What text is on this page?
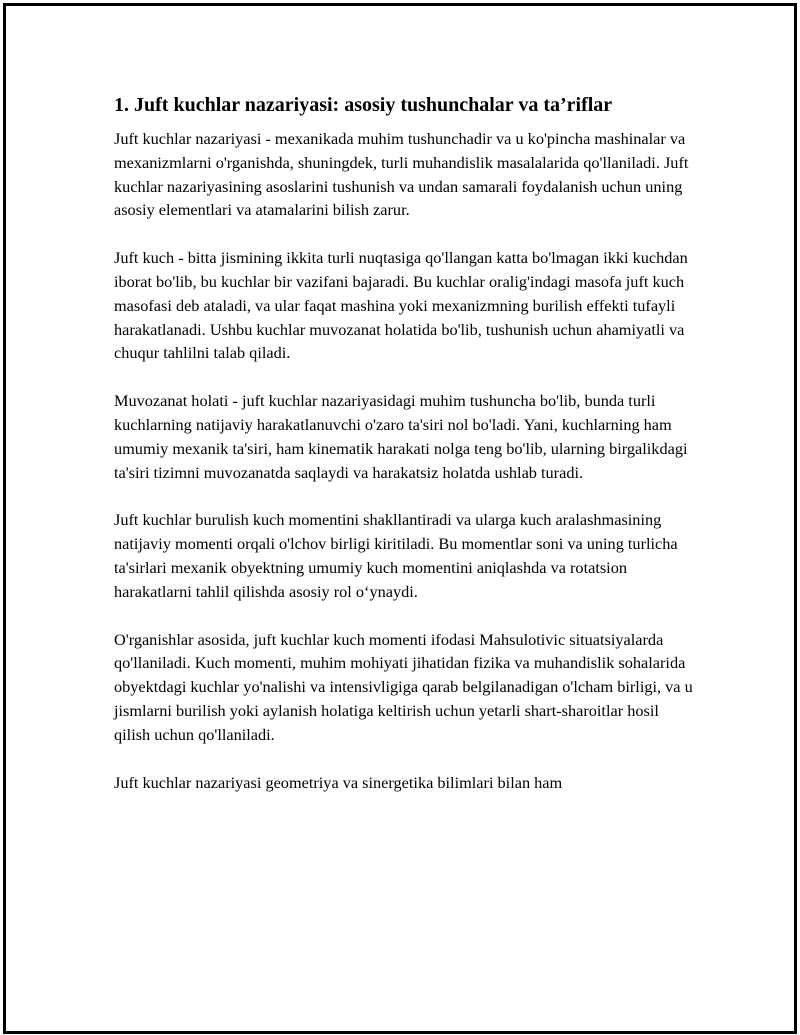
1. Juft kuchlar nazariyasi: asosiy tushunchalar va ta’riflar

Juft kuchlar nazariyasi - mexanikada muhim tushunchadir va u ko'pincha mashinalar va mexanizmlarni o'rganishda, shuningdek, turli muhandislik masalalarida qo'llaniladi. Juft kuchlar nazariyasining asoslarini tushunish va undan samarali foydalanish uchun uning asosiy elementlari va atamalarini bilish zarur.

Juft kuch - bitta jismining ikkita turli nuqtasiga qo'llangan katta bo'lmagan ikki kuchdan iborat bo'lib, bu kuchlar bir vazifani bajaradi. Bu kuchlar oralig'indagi masofa juft kuch masofasi deb ataladi, va ular faqat mashina yoki mexanizmning burilish effekti tufayli harakatlanadi. Ushbu kuchlar muvozanat holatida bo'lib, tushunish uchun ahamiyatli va chuqur tahlilni talab qiladi.

Muvozanat holati - juft kuchlar nazariyasidagi muhim tushuncha bo'lib, bunda turli kuchlarning natijaviy harakatlanuvchi o'zaro ta'siri nol bo'ladi. Yani, kuchlarning ham umumiy mexanik ta'siri, ham kinematik harakati nolga teng bo'lib, ularning birgalikdagi ta'siri tizimni muvozanatda saqlaydi va harakatsiz holatda ushlab turadi.

Juft kuchlar burulish kuch momentini shakllantiradi va ularga kuch aralashmasining natijaviy momenti orqali o'lchov birligi kiritiladi. Bu momentlar soni va uning turlicha ta'sirlari mexanik obyektning umumiy kuch momentini aniqlashda va rotatsion harakatlarni tahlil qilishda asosiy rol o‘ynaydi.

O'rganishlar asosida, juft kuchlar kuch momenti ifodasi Mahsulotivic situatsiyalarda qo'llaniladi. Kuch momenti, muhim mohiyati jihatidan fizika va muhandislik sohalarida obyektdagi kuchlar yo'nalishi va intensivligiga qarab belgilanadigan o'lcham birligi, va u jismlarni burilish yoki aylanish holatiga keltirish uchun yetarli shart-sharoitlar hosil qilish uchun qo'llaniladi.

Juft kuchlar nazariyasi geometriya va sinergetika bilimlari bilan ham
